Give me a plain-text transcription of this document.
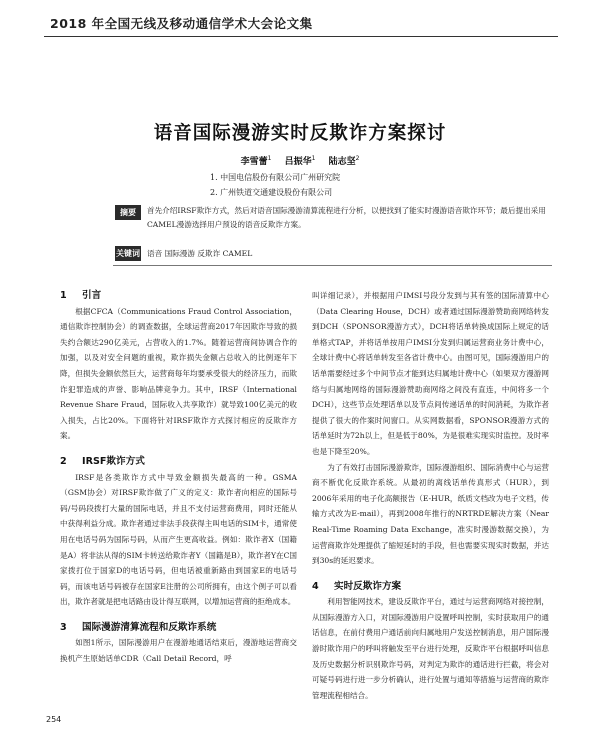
2018 年全国无线及移动通信学术大会论文集
语音国际漫游实时反欺诈方案探讨
李雪蕾$^1$ 吕振华$^1$ 陆志坚$^2$
1. 中国电信股份有限公司广州研究院
2. 广州铁道交通建设股份有限公司
摘要	首先介绍IRSF欺诈方式，然后对语音国际漫游清算流程进行分析，以便找到了能实时漫游语音欺诈环节；最后提出采用CAMEL漫游选择用户预设的语音反欺诈方案。
关键词 语音 国际漫游 反欺诈 CAMEL
1 引言

根据CFCA（Communications Fraud Control Association，通信欺诈控制协会）的调查数据，全球运营商2017年因欺诈导致的损失约合额达290亿美元，占营收入的1.7%。随着运营商间协调合作的加强，以及对安全问题的重视，欺诈损失金额占总收入的比例逐年下降，但损失金额依然巨大，运营商每年均要承受很大的经济压力，而欺诈犯罪造成的声誉、影响品牌竞争力。其中，IRSF（International Revenue Share Fraud，国际收入共享欺诈）就导致100亿美元的收入损失，占比20%。下面将针对IRSF欺诈方式探讨相应的反欺诈方案。

2 IRSF欺诈方式

IRSF是各类欺诈方式中导致金额损失最高的一种。GSMA（GSM协会）对IRSF欺诈做了广义的定义：欺诈者向相应的国际号码/号码段拨打大量的国际电话，并且不支付运营商费用，同时还能从中获得利益分成。欺诈者通过非法手段获得主叫电话的SIM卡，通常使用在电话号码为国际号码，从而产生更高收益。例如：欺诈者X（国籍是A）将非法从得的SIM卡转送给欺诈者Y（国籍是B），欺诈者Y在C国家拨打位于国家D的电话号码，但电话被重新路由到国家E的电话号码，而该电话号码被存在国家E注册的公司所拥有，由这个例子可以看出，欺诈者就是把电话路由设计得互联网，以增加运营商的拒绝成本。

3 国际漫游清算流程和反欺诈系统

如图1所示，国际漫游用户在漫游地通话结束后，漫游地运营商交换机产生原始话单CDR（Call Detail Record，呼

叫详细记录），并根据用户IMSI号段分发到与其有签的国际清算中心（Data Clearing House，DCH）或者通过国际漫游赞助商网络转发到DCH（SPONSOR漫游方式），DCH将话单转换成国际上规定的话单格式TAP，并将话单按用户IMSI分发到归属运营商业务计费中心，全球计费中心将话单转发至各省计费中心。由图可见，国际漫游用户的话单需要经过多个中间节点才能到达归属地计费中心（如果双方漫游网络与归属地网络的国际漫游赞助商网络之间没有直连，中间将多一个DCH），这些节点处理话单以及节点间传递话单的时间消耗，为欺诈者提供了很大的作案时间窗口。从实网数据看，SPONSOR漫游方式的话单延时为72h以上，但是低于80%，为是很难实现实时监控。及时率也是下降至20%。

为了有效打击国际漫游欺诈，国际漫游组织、国际消费中心与运营商不断优化反欺诈系统。从最初的离线话单传真形式（HUR），到2006年采用的电子化高额报告（E-HUR，纸质文档改为电子文档，传输方式改为E-mail），再到2008年推行的NRTRDE解决方案（Near Real-Time Roaming Data Exchange，准实时漫游数据交换），为运营商欺诈处理提供了缩短延时的手段，但也需要实现实时数据，并达到30s的延迟要求。

4 实时反欺诈方案

利用智能网技术，建设反欺诈平台，通过与运营商网络对接控制，从国际漫游方入口，对国际漫游用户设置呼叫控制，实时获取用户的通话信息，在前付费用户通话前向归属地用户发送控制消息，用户国际漫游时欺诈用户的呼叫将触发至平台进行处理，反欺诈平台根据呼叫信息及历史数据分析识别欺诈号码，对判定为欺诈的通话进行拦截，将会对可疑号码进行进一步分析确认，进行处置与通知等措施与运营商的欺诈管理流程相结合。

254
